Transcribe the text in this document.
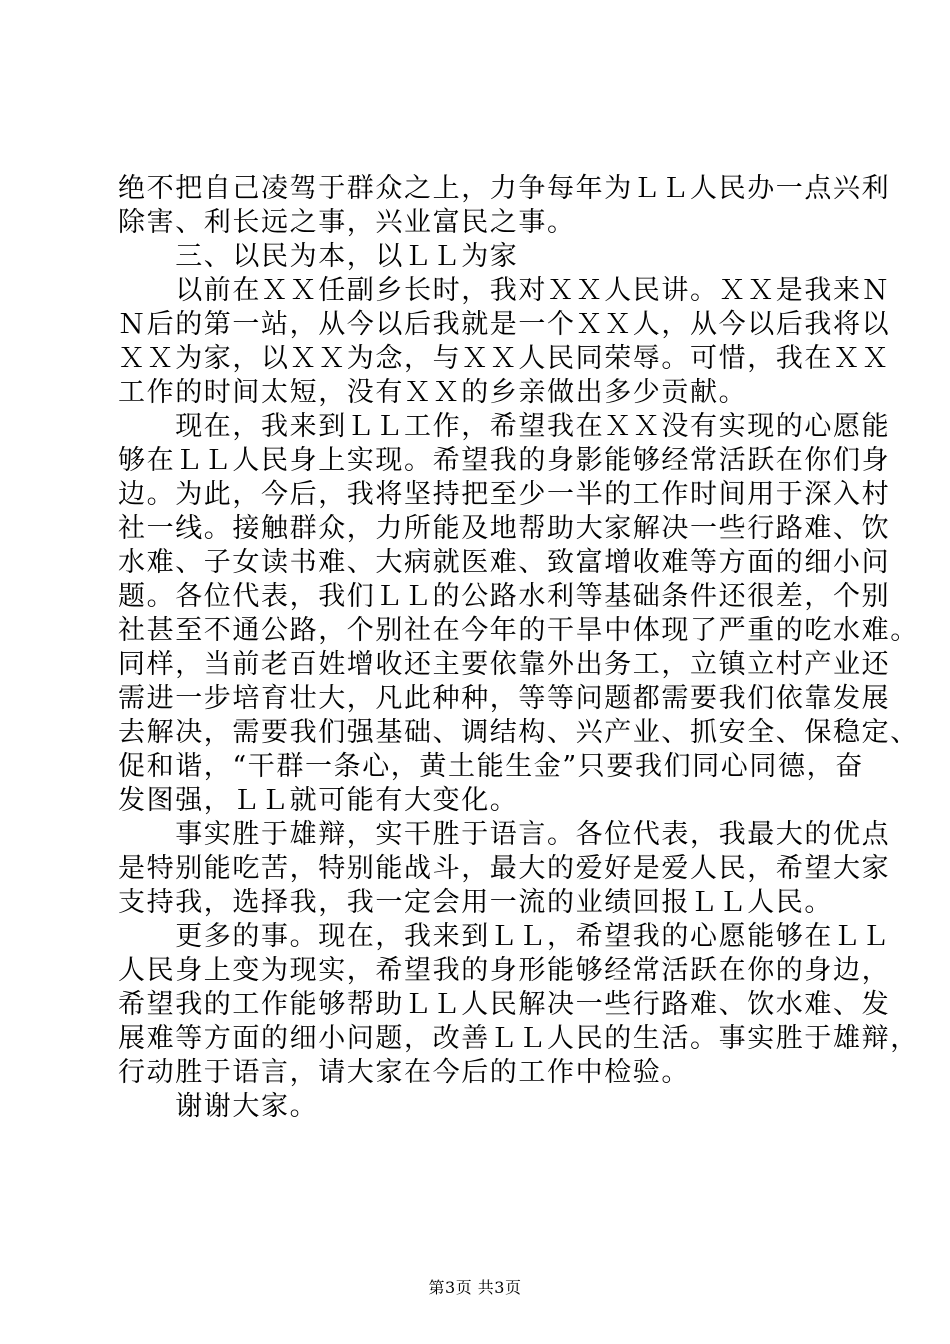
绝不把自己凌驾于群众之上，力争每年为ＬＬ人民办一点兴利
除害、利长远之事，兴业富民之事。
　　三、以民为本，以ＬＬ为家
　　以前在ＸＸ任副乡长时，我对ＸＸ人民讲。ＸＸ是我来Ｎ
Ｎ后的第一站，从今以后我就是一个ＸＸ人，从今以后我将以
ＸＸ为家，以ＸＸ为念，与ＸＸ人民同荣辱。可惜，我在ＸＸ
工作的时间太短，没有ＸＸ的乡亲做出多少贡献。
　　现在，我来到ＬＬ工作，希望我在ＸＸ没有实现的心愿能
够在ＬＬ人民身上实现。希望我的身影能够经常活跃在你们身
边。为此，今后，我将坚持把至少一半的工作时间用于深入村
社一线。接触群众，力所能及地帮助大家解决一些行路难、饮
水难、子女读书难、大病就医难、致富增收难等方面的细小问
题。各位代表，我们ＬＬ的公路水利等基础条件还很差，个别
社甚至不通公路，个别社在今年的干旱中体现了严重的吃水难。
同样，当前老百姓增收还主要依靠外出务工，立镇立村产业还
需进一步培育壮大，凡此种种，等等问题都需要我们依靠发展
去解决，需要我们强基础、调结构、兴产业、抓安全、保稳定、
促和谐，“干群一条心，黄土能生金”只要我们同心同德，奋
发图强，ＬＬ就可能有大变化。
　　事实胜于雄辩，实干胜于语言。各位代表，我最大的优点
是特别能吃苦，特别能战斗，最大的爱好是爱人民，希望大家
支持我，选择我，我一定会用一流的业绩回报ＬＬ人民。
　　更多的事。现在，我来到ＬＬ，希望我的心愿能够在ＬＬ
人民身上变为现实，希望我的身形能够经常活跃在你的身边，
希望我的工作能够帮助ＬＬ人民解决一些行路难、饮水难、发
展难等方面的细小问题，改善ＬＬ人民的生活。事实胜于雄辩，
行动胜于语言，请大家在今后的工作中检验。
　　谢谢大家。
第3页 共3页
